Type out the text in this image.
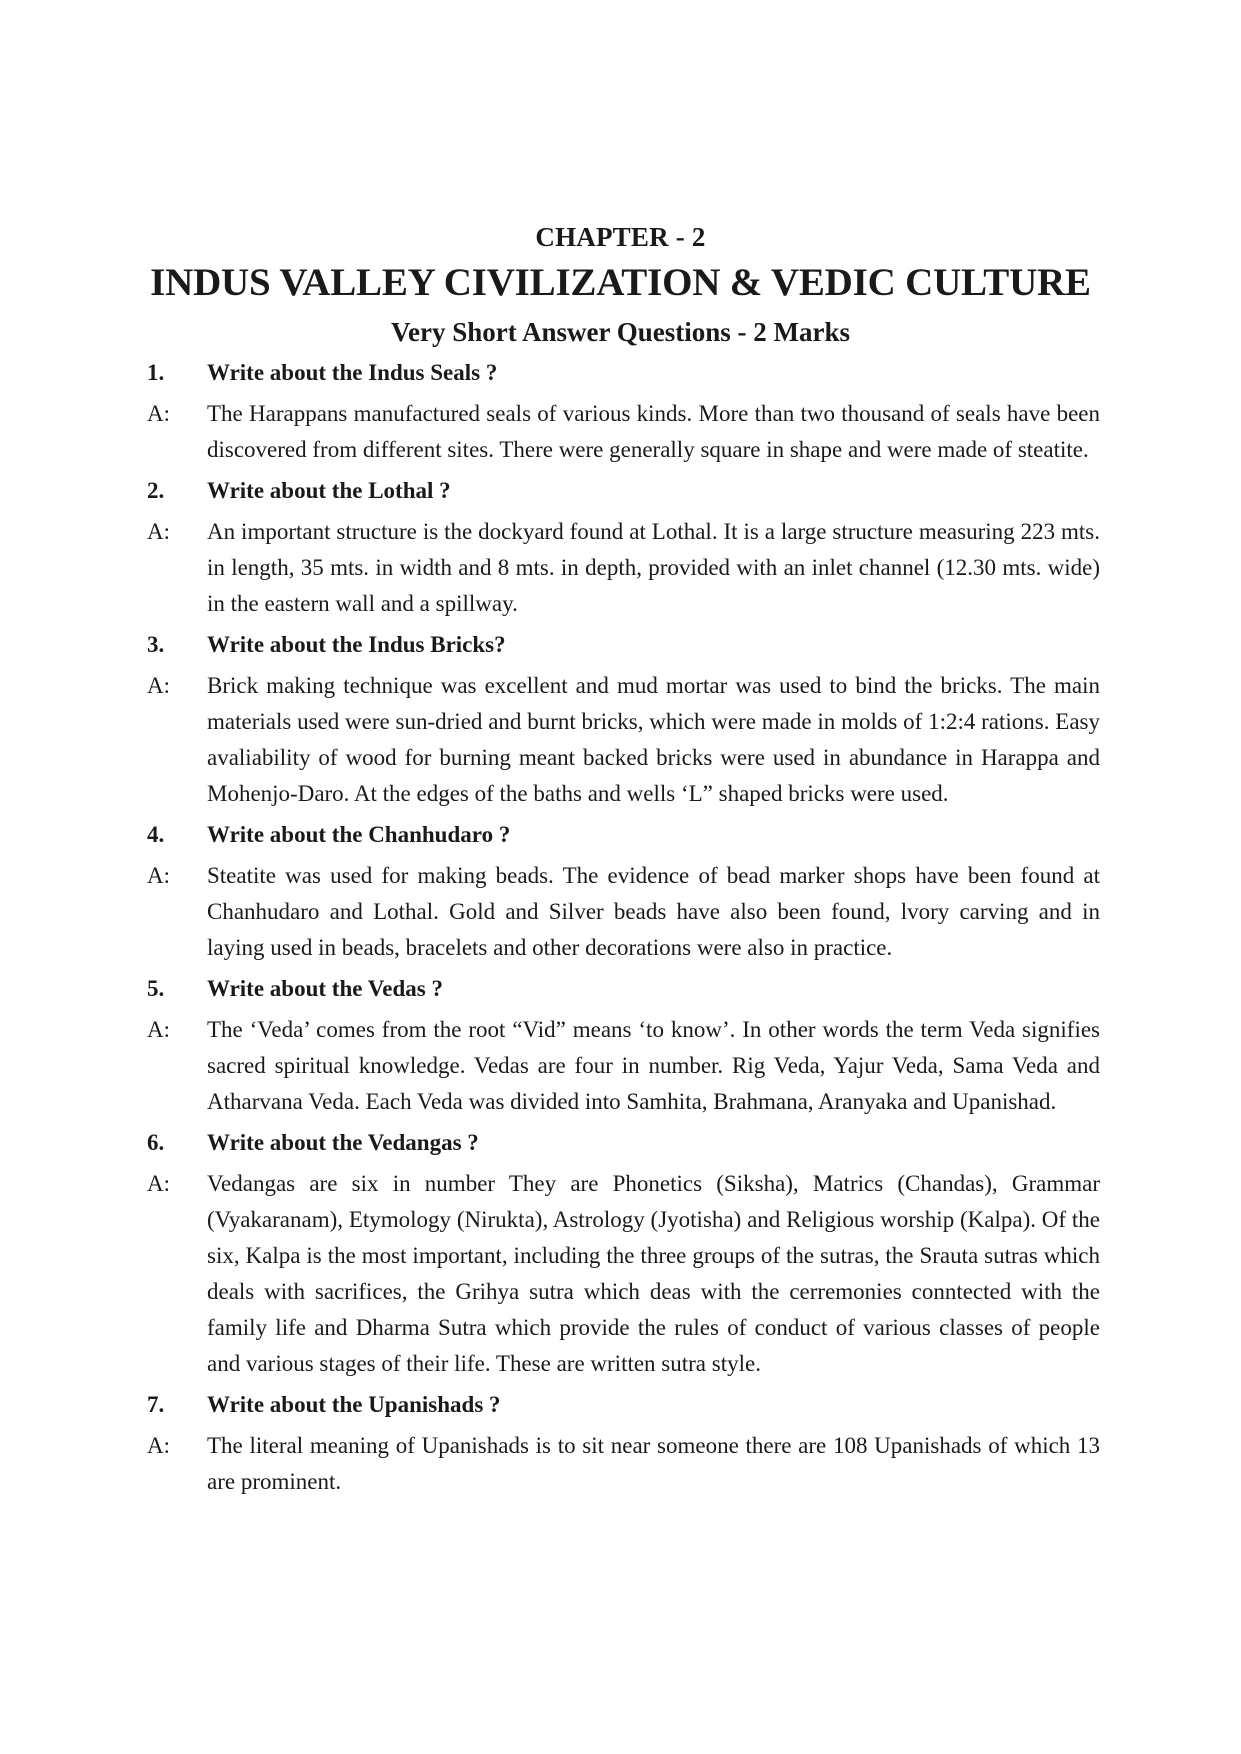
CHAPTER - 2
INDUS VALLEY CIVILIZATION & VEDIC CULTURE
Very Short Answer Questions - 2 Marks
1.	Write about the Indus Seals ?
A:	The Harappans manufactured seals of various kinds. More than two thousand of seals have been discovered from different sites. There were generally square in shape and were made of steatite.
2.	Write about the Lothal ?
A:	An important structure is the dockyard found at Lothal. It is a large structure measuring 223 mts. in length, 35 mts. in width and 8 mts. in depth, provided with an inlet channel (12.30 mts. wide) in the eastern wall and a spillway.
3.	Write about the Indus Bricks?
A:	Brick making technique was excellent and mud mortar was used to bind the bricks. The main materials used were sun-dried and burnt bricks, which were made in molds of 1:2:4 rations. Easy avaliability of wood for burning meant backed bricks were used in abundance in Harappa and Mohenjo-Daro. At the edges of the baths and wells ‘L” shaped bricks were used.
4.	Write about the Chanhudaro ?
A:	Steatite was used for making beads. The evidence of bead marker shops have been found at Chanhudaro and Lothal. Gold and Silver beads have also been found, lvory carving and in laying used in beads, bracelets and other decorations were also in practice.
5.	Write about the Vedas ?
A:	The ‘Veda’ comes from the root “Vid” means ‘to know’. In other words the term Veda signifies sacred spiritual knowledge. Vedas are four in number. Rig Veda, Yajur Veda, Sama Veda and Atharvana Veda. Each Veda was divided into Samhita, Brahmana, Aranyaka and Upanishad.
6.	Write about the Vedangas ?
A:	Vedangas are six in number They are Phonetics (Siksha), Matrics (Chandas), Grammar (Vyakaranam), Etymology (Nirukta), Astrology (Jyotisha) and Religious worship (Kalpa). Of the six, Kalpa is the most important, including the three groups of the sutras, the Srauta sutras which deals with sacrifices, the Grihya sutra which deas with the cerremonies conntected with the family life and Dharma Sutra which provide the rules of conduct of various classes of people and various stages of their life. These are written sutra style.
7.	Write about the Upanishads ?
A:	The literal meaning of Upanishads is to sit near someone there are 108 Upanishads of which 13 are prominent.
